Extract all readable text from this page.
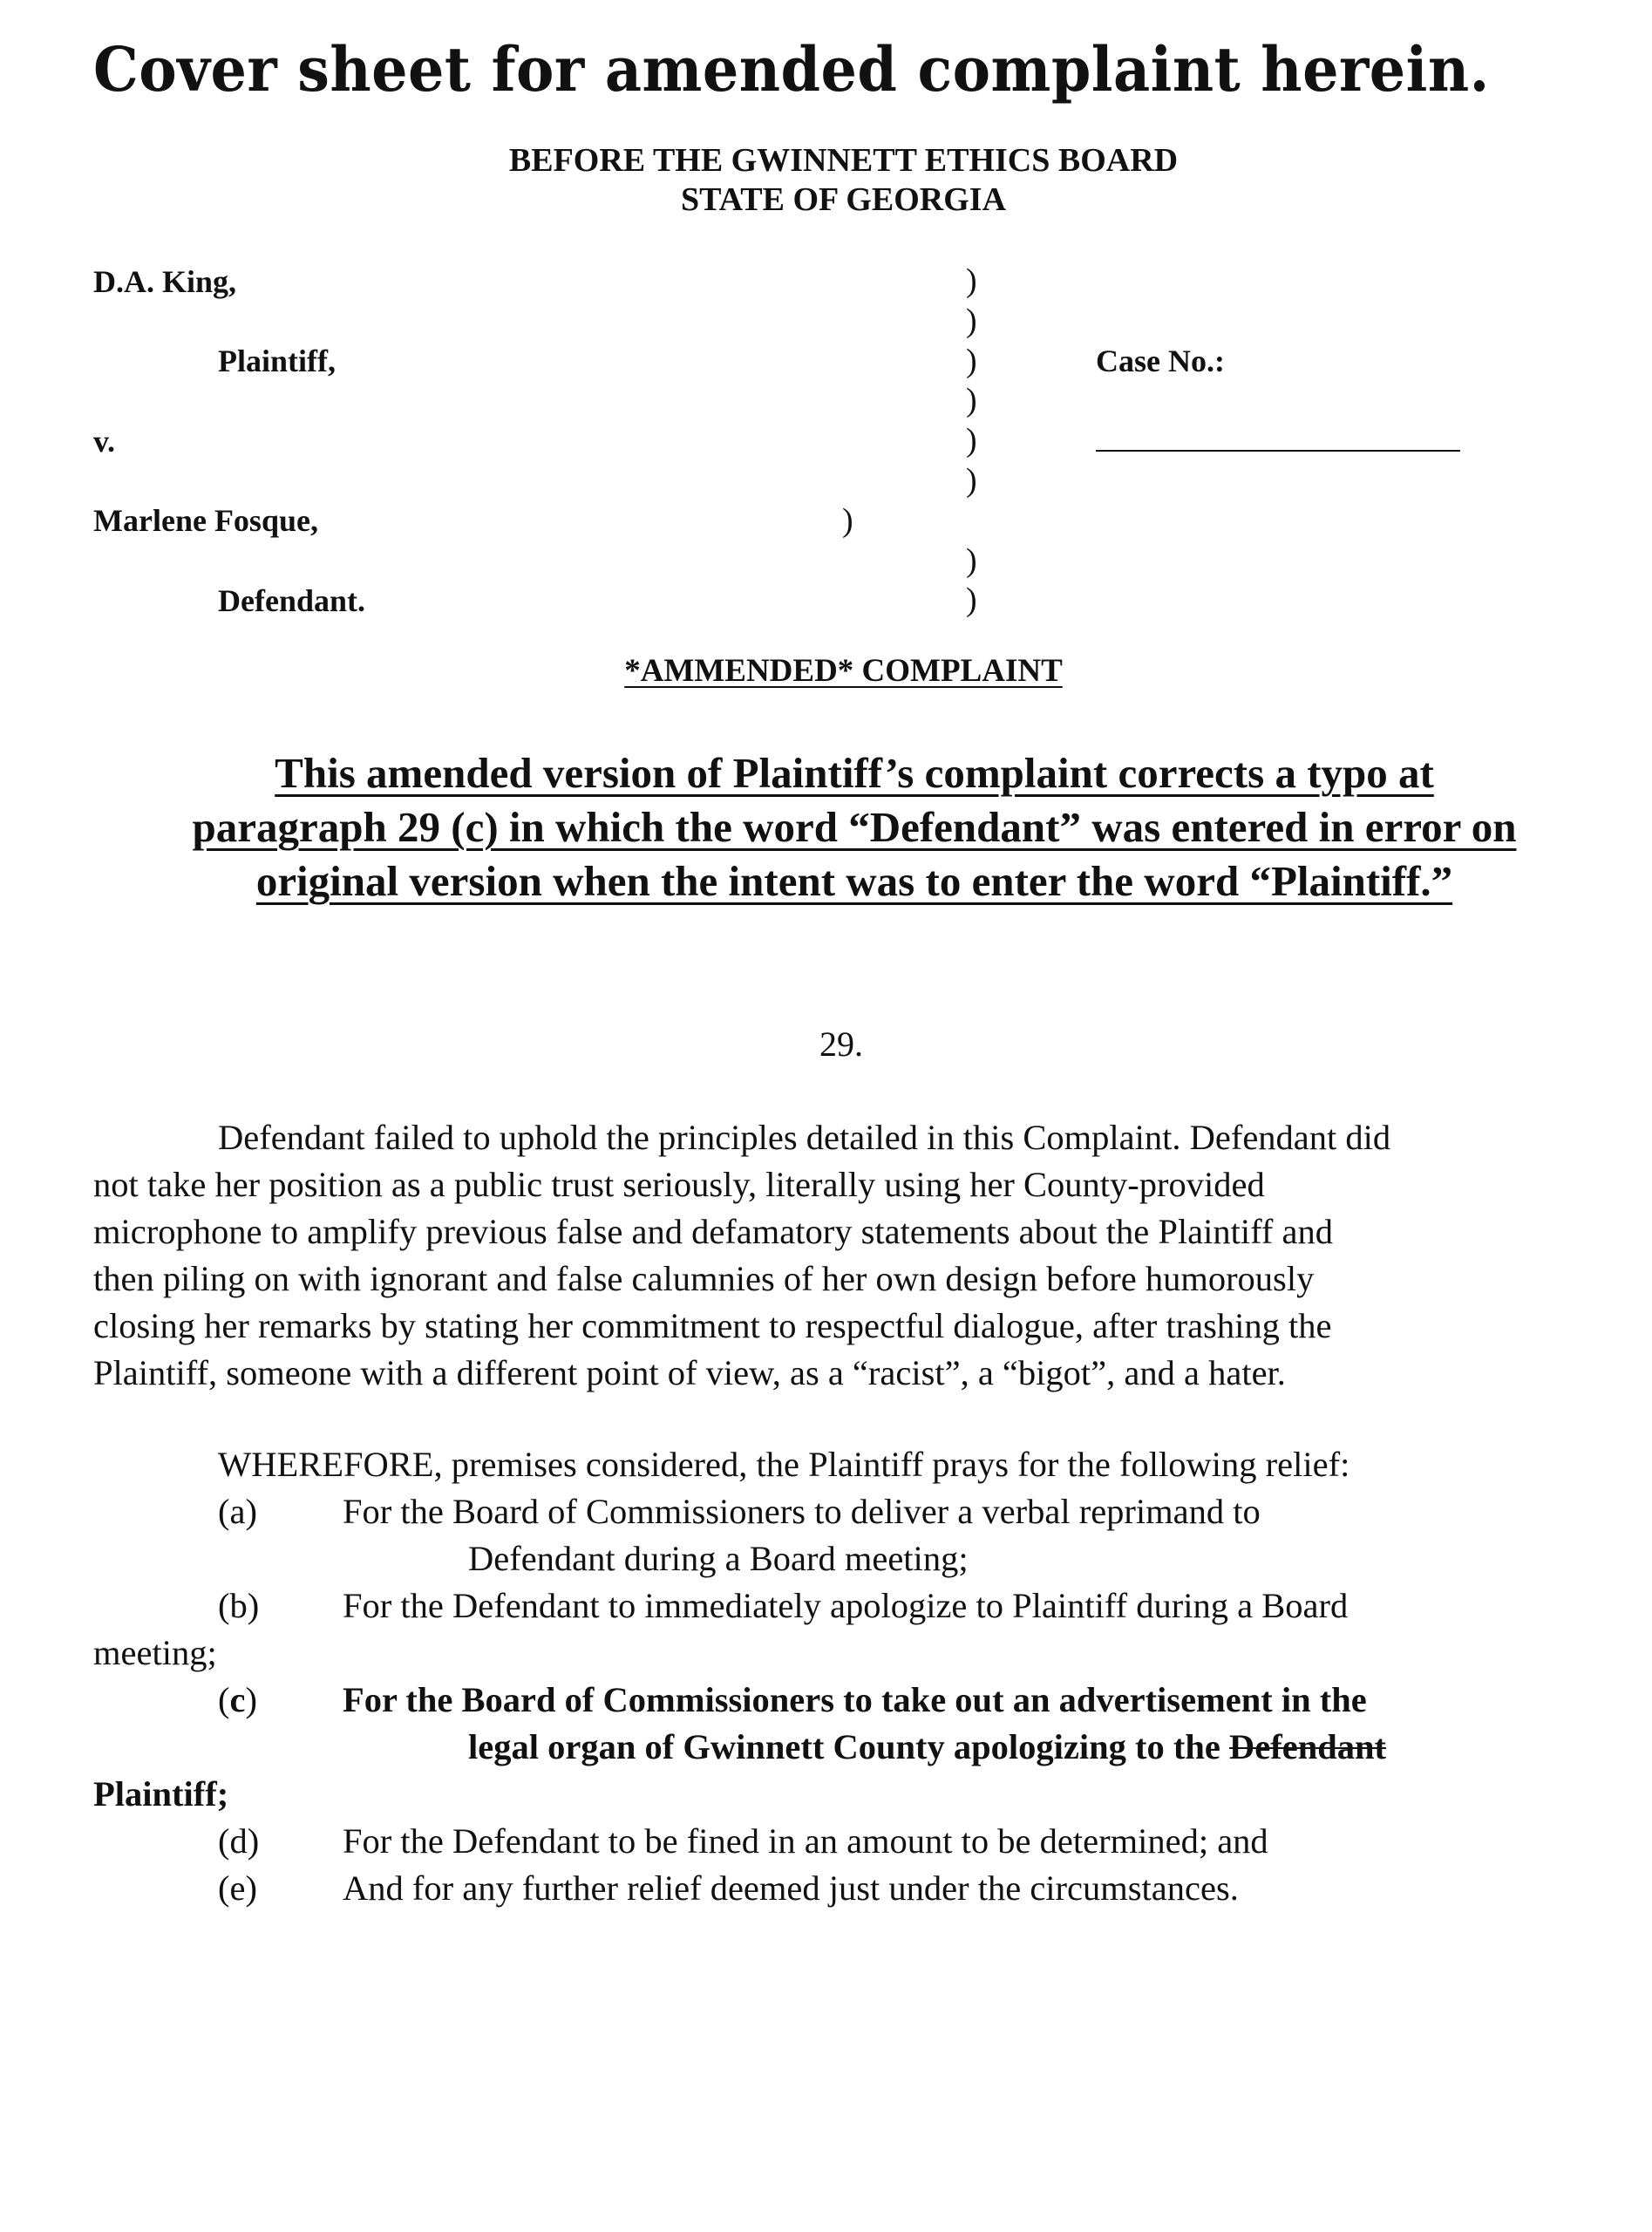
Cover sheet for amended complaint herein.
BEFORE THE GWINNETT ETHICS BOARD
STATE OF GEORGIA
D.A. King,
Plaintiff,
v.
Marlene Fosque,
Defendant.
)
)
)
)
)
)
)
)
)
Case No.:
*AMMENDED* COMPLAINT
This amended version of Plaintiff’s complaint corrects a typo at
paragraph 29 (c) in which the word “Defendant” was entered in error on
original version when the intent was to enter the word “Plaintiff.”
29.
Defendant failed to uphold the principles detailed in this Complaint. Defendant did
not take her position as a public trust seriously, literally using her County-provided
microphone to amplify previous false and defamatory statements about the Plaintiff and
then piling on with ignorant and false calumnies of her own design before humorously
closing her remarks by stating her commitment to respectful dialogue, after trashing the
Plaintiff, someone with a different point of view, as a “racist”, a “bigot”, and a hater.
WHEREFORE, premises considered, the Plaintiff prays for the following relief:
(a) For the Board of Commissioners to deliver a verbal reprimand to
Defendant during a Board meeting;
(b) For the Defendant to immediately apologize to Plaintiff during a Board
meeting;
(c) For the Board of Commissioners to take out an advertisement in the
legal organ of Gwinnett County apologizing to the Defendant
Plaintiff;
(d) For the Defendant to be fined in an amount to be determined; and
(e) And for any further relief deemed just under the circumstances.
